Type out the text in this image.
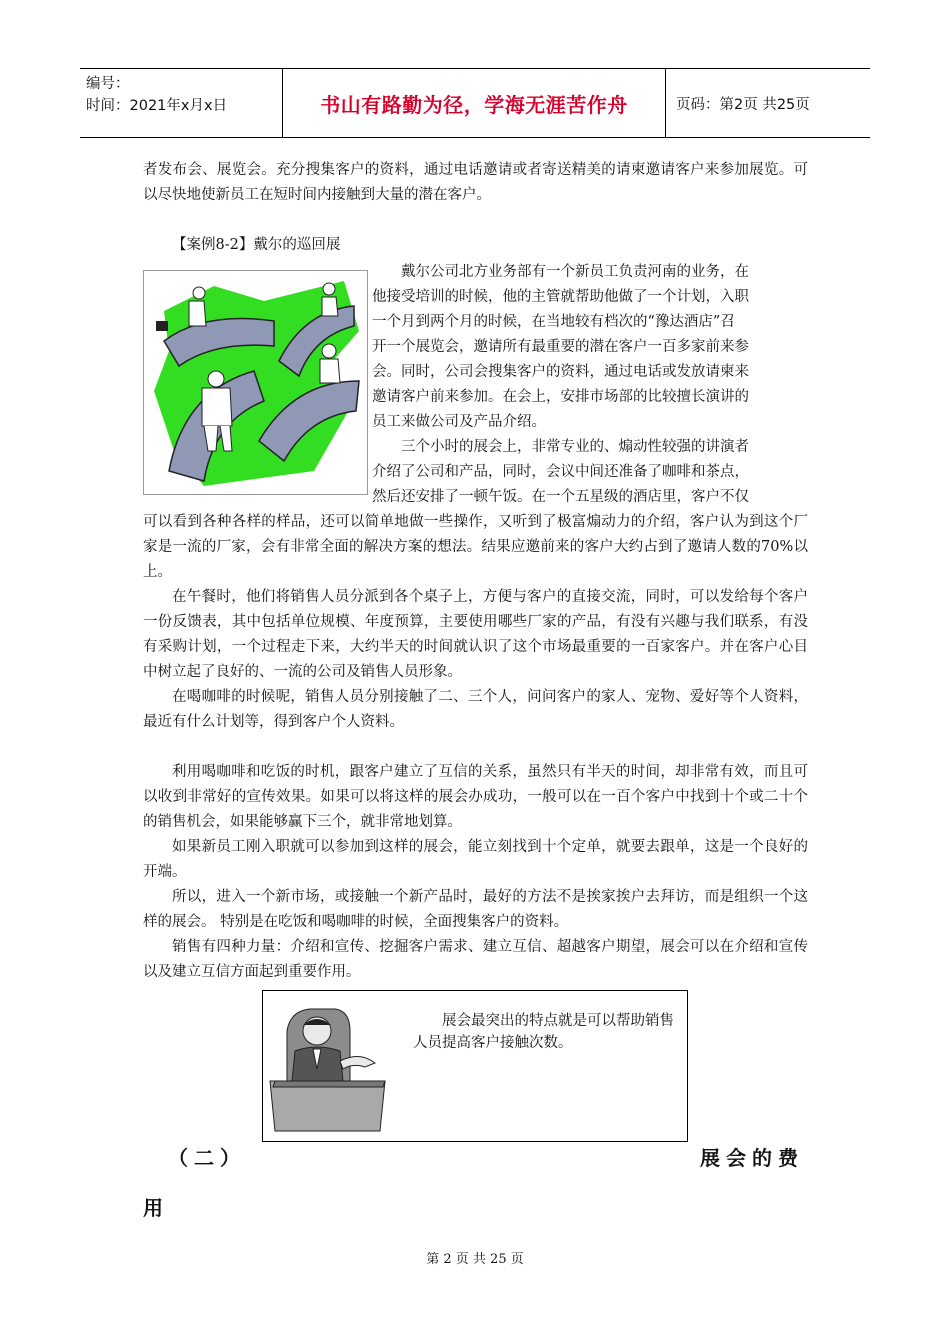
编号：
时间：2021年x月x日	书山有路勤为径，学海无涯苦作舟	页码：第2页 共25页

者发布会、展览会。充分搜集客户的资料，通过电话邀请或者寄送精美的请柬邀请客户来参加展览。可以尽快地使新员工在短时间内接触到大量的潜在客户。

【案例8-2】戴尔的巡回展

戴尔公司北方业务部有一个新员工负责河南的业务，在

他接受培训的时候，他的主管就帮助他做了一个计划，入职

一个月到两个月的时候，在当地较有档次的“豫达酒店”召

开一个展览会，邀请所有最重要的潜在客户一百多家前来参

会。同时，公司会搜集客户的资料，通过电话或发放请柬来

邀请客户前来参加。在会上，安排市场部的比较擅长演讲的

员工来做公司及产品介绍。

三个小时的展会上，非常专业的、煽动性较强的讲演者

介绍了公司和产品，同时，会议中间还准备了咖啡和茶点，

然后还安排了一顿午饭。在一个五星级的酒店里，客户不仅

可以看到各种各样的样品，还可以简单地做一些操作，又听到了极富煽动力的介绍，客户认为到这个厂家是一流的厂家，会有非常全面的解决方案的想法。结果应邀前来的客户大约占到了邀请人数的70%以上。

在午餐时，他们将销售人员分派到各个桌子上，方便与客户的直接交流，同时，可以发给每个客户一份反馈表，其中包括单位规模、年度预算，主要使用哪些厂家的产品，有没有兴趣与我们联系，有没有采购计划，一个过程走下来，大约半天的时间就认识了这个市场最重要的一百家客户。并在客户心目中树立起了良好的、一流的公司及销售人员形象。

在喝咖啡的时候呢，销售人员分别接触了二、三个人，问问客户的家人、宠物、爱好等个人资料，最近有什么计划等，得到客户个人资料。

利用喝咖啡和吃饭的时机，跟客户建立了互信的关系，虽然只有半天的时间，却非常有效，而且可以收到非常好的宣传效果。如果可以将这样的展会办成功，一般可以在一百个客户中找到十个或二十个的销售机会，如果能够赢下三个，就非常地划算。

如果新员工刚入职就可以参加到这样的展会，能立刻找到十个定单，就要去跟单，这是一个良好的开端。

所以，进入一个新市场，或接触一个新产品时，最好的方法不是挨家挨户去拜访，而是组织一个这样的展会。 特别是在吃饭和喝咖啡的时候，全面搜集客户的资料。

销售有四种力量：介绍和宣传、挖掘客户需求、建立互信、超越客户期望，展会可以在介绍和宣传以及建立互信方面起到重要作用。

展会最突出的特点就是可以帮助销售人员提高客户接触次数。

（二）	展会的费
用
第 2 页 共 25 页
